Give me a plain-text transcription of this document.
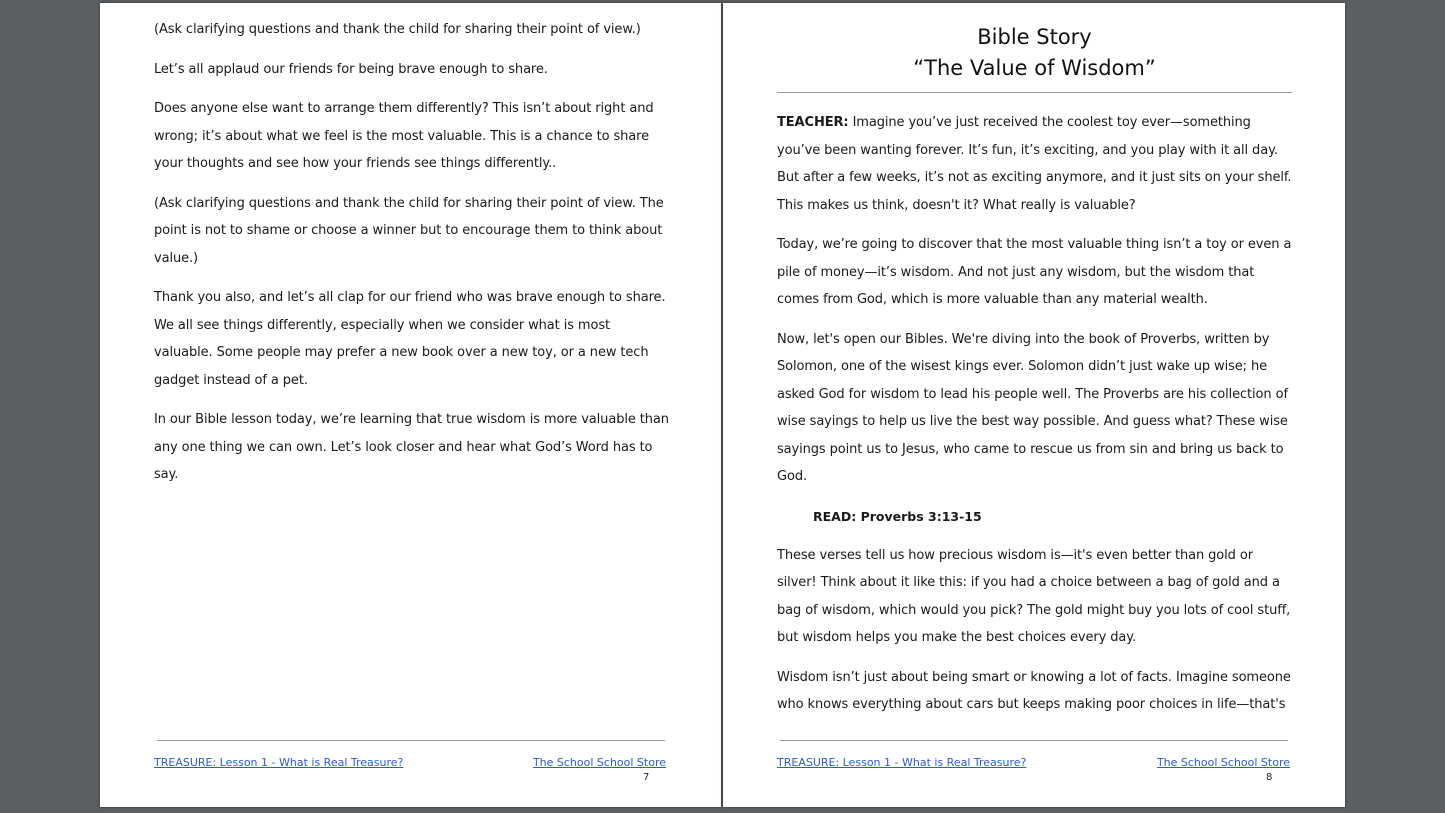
(Ask clarifying questions and thank the child for sharing their point of view.)

Let’s all applaud our friends for being brave enough to share.

Does anyone else want to arrange them differently? This isn’t about right and wrong; it’s about what we feel is the most valuable. This is a chance to share your thoughts and see how your friends see things differently..

(Ask clarifying questions and thank the child for sharing their point of view. The point is not to shame or choose a winner but to encourage them to think about value.)

Thank you also, and let’s all clap for our friend who was brave enough to share. We all see things differently, especially when we consider what is most valuable. Some people may prefer a new book over a new toy, or a new tech gadget instead of a pet.

In our Bible lesson today, we’re learning that true wisdom is more valuable than any one thing we can own. Let’s look closer and hear what God’s Word has to say.

TREASURE: Lesson 1 - What is Real Treasure?	The School School Store
7
Bible Story
“The Value of Wisdom”

TEACHER: Imagine you’ve just received the coolest toy ever—something you’ve been wanting forever. It’s fun, it’s exciting, and you play with it all day. But after a few weeks, it’s not as exciting anymore, and it just sits on your shelf. This makes us think, doesn't it? What really is valuable?

Today, we’re going to discover that the most valuable thing isn’t a toy or even a pile of money—it’s wisdom. And not just any wisdom, but the wisdom that comes from God, which is more valuable than any material wealth.

Now, let's open our Bibles. We're diving into the book of Proverbs, written by Solomon, one of the wisest kings ever. Solomon didn’t just wake up wise; he asked God for wisdom to lead his people well. The Proverbs are his collection of wise sayings to help us live the best way possible. And guess what? These wise sayings point us to Jesus, who came to rescue us from sin and bring us back to God.

READ: Proverbs 3:13-15

These verses tell us how precious wisdom is—it's even better than gold or silver! Think about it like this: if you had a choice between a bag of gold and a bag of wisdom, which would you pick? The gold might buy you lots of cool stuff, but wisdom helps you make the best choices every day.

Wisdom isn’t just about being smart or knowing a lot of facts. Imagine someone who knows everything about cars but keeps making poor choices in life—that's

TREASURE: Lesson 1 - What is Real Treasure?	The School School Store
8
